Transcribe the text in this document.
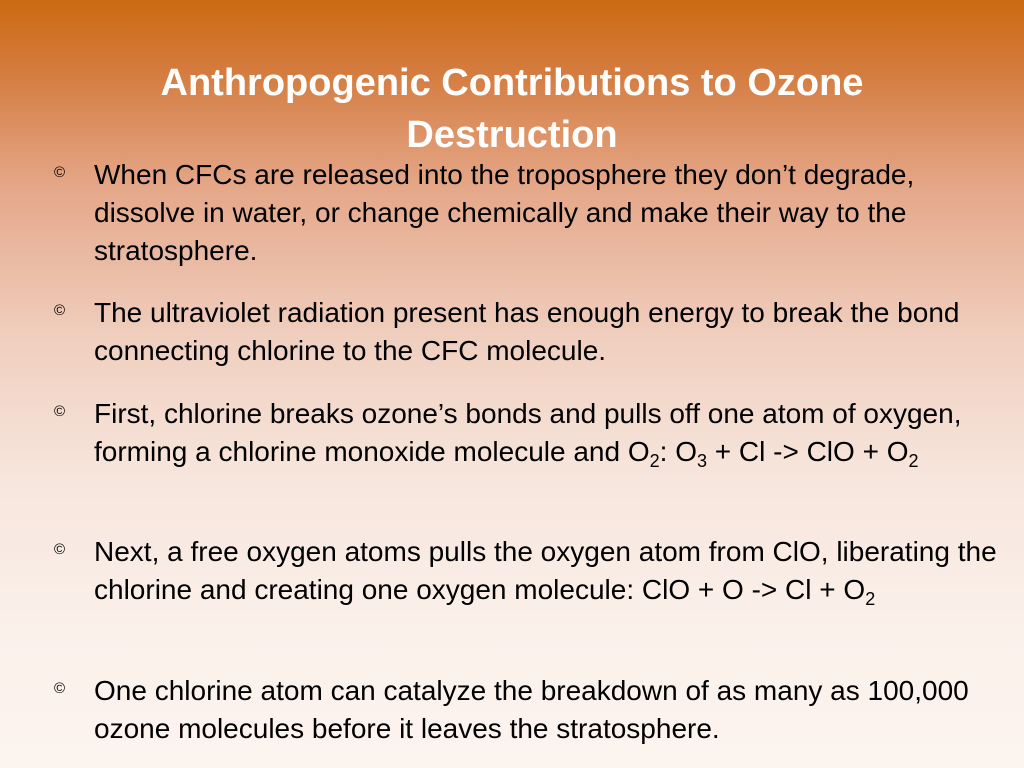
Anthropogenic Contributions to Ozone
Destruction
© When CFCs are released into the troposphere they don’t degrade, dissolve in water, or change chemically and make their way to the stratosphere.
© The ultraviolet radiation present has enough energy to break the bond connecting chlorine to the CFC molecule.
© First, chlorine breaks ozone’s bonds and pulls off one atom of oxygen, forming a chlorine monoxide molecule and $O_2$: $O_3 + Cl$ -> ClO + $O_2$
© Next, a free oxygen atoms pulls the oxygen atom from ClO, liberating the chlorine and creating one oxygen molecule: ClO + $O -> Cl + O_2$
© One chlorine atom can catalyze the breakdown of as many as 100,000 ozone molecules before it leaves the stratosphere.
